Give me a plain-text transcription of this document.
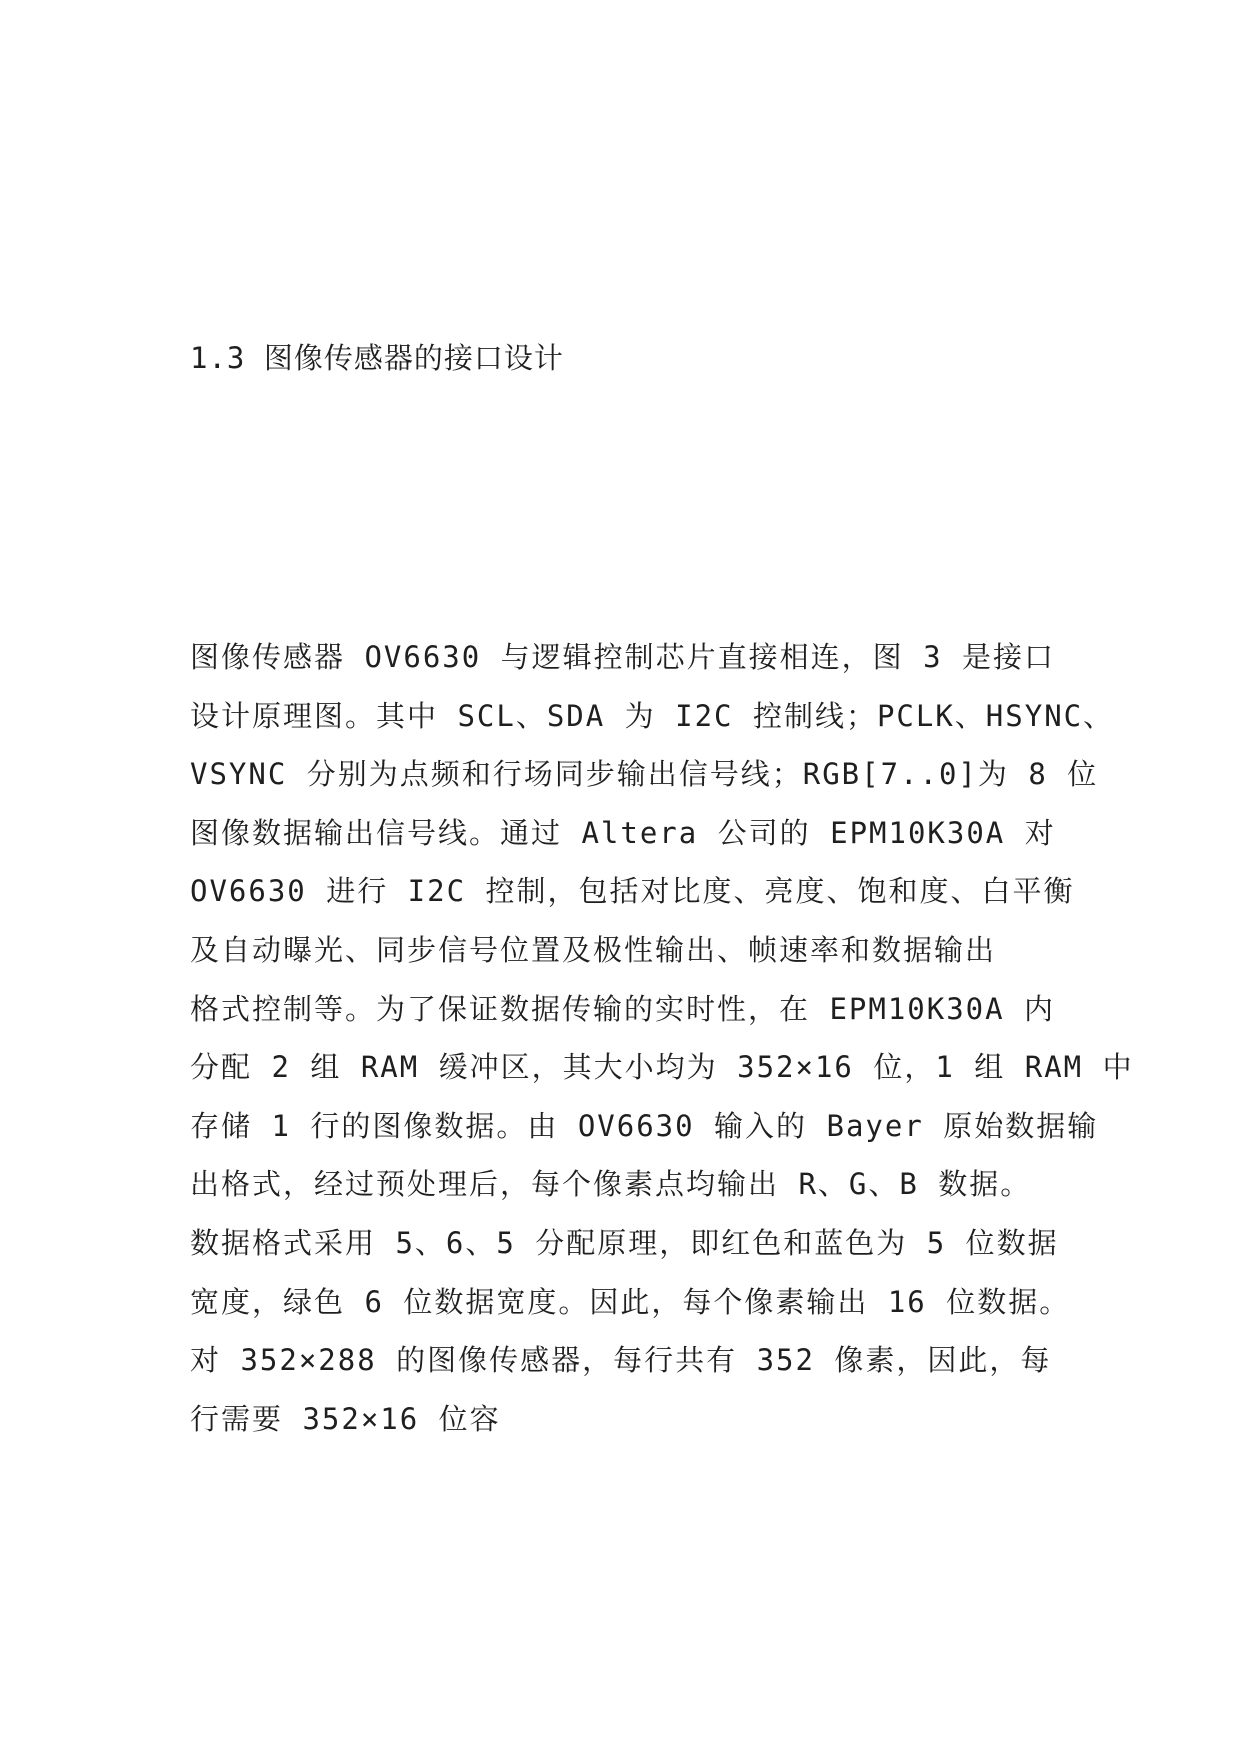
1.3 图像传感器的接口设计
图像传感器 OV6630 与逻辑控制芯片直接相连，图 3 是接口
设计原理图。其中 SCL、SDA 为 I2C 控制线；PCLK、HSYNC、
VSYNC 分别为点频和行场同步输出信号线；RGB[7..0]为 8 位
图像数据输出信号线。通过 Altera 公司的 EPM10K30A 对
OV6630 进行 I2C 控制，包括对比度、亮度、饱和度、白平衡
及自动曝光、同步信号位置及极性输出、帧速率和数据输出
格式控制等。为了保证数据传输的实时性，在 EPM10K30A 内
分配 2 组 RAM 缓冲区，其大小均为 352×16 位，1 组 RAM 中
存储 1 行的图像数据。由 OV6630 输入的 Bayer 原始数据输
出格式，经过预处理后，每个像素点均输出 R、G、B 数据。
数据格式采用 5、6、5 分配原理，即红色和蓝色为 5 位数据
宽度，绿色 6 位数据宽度。因此，每个像素输出 16 位数据。
对 352×288 的图像传感器，每行共有 352 像素，因此，每
行需要 352×16 位容
